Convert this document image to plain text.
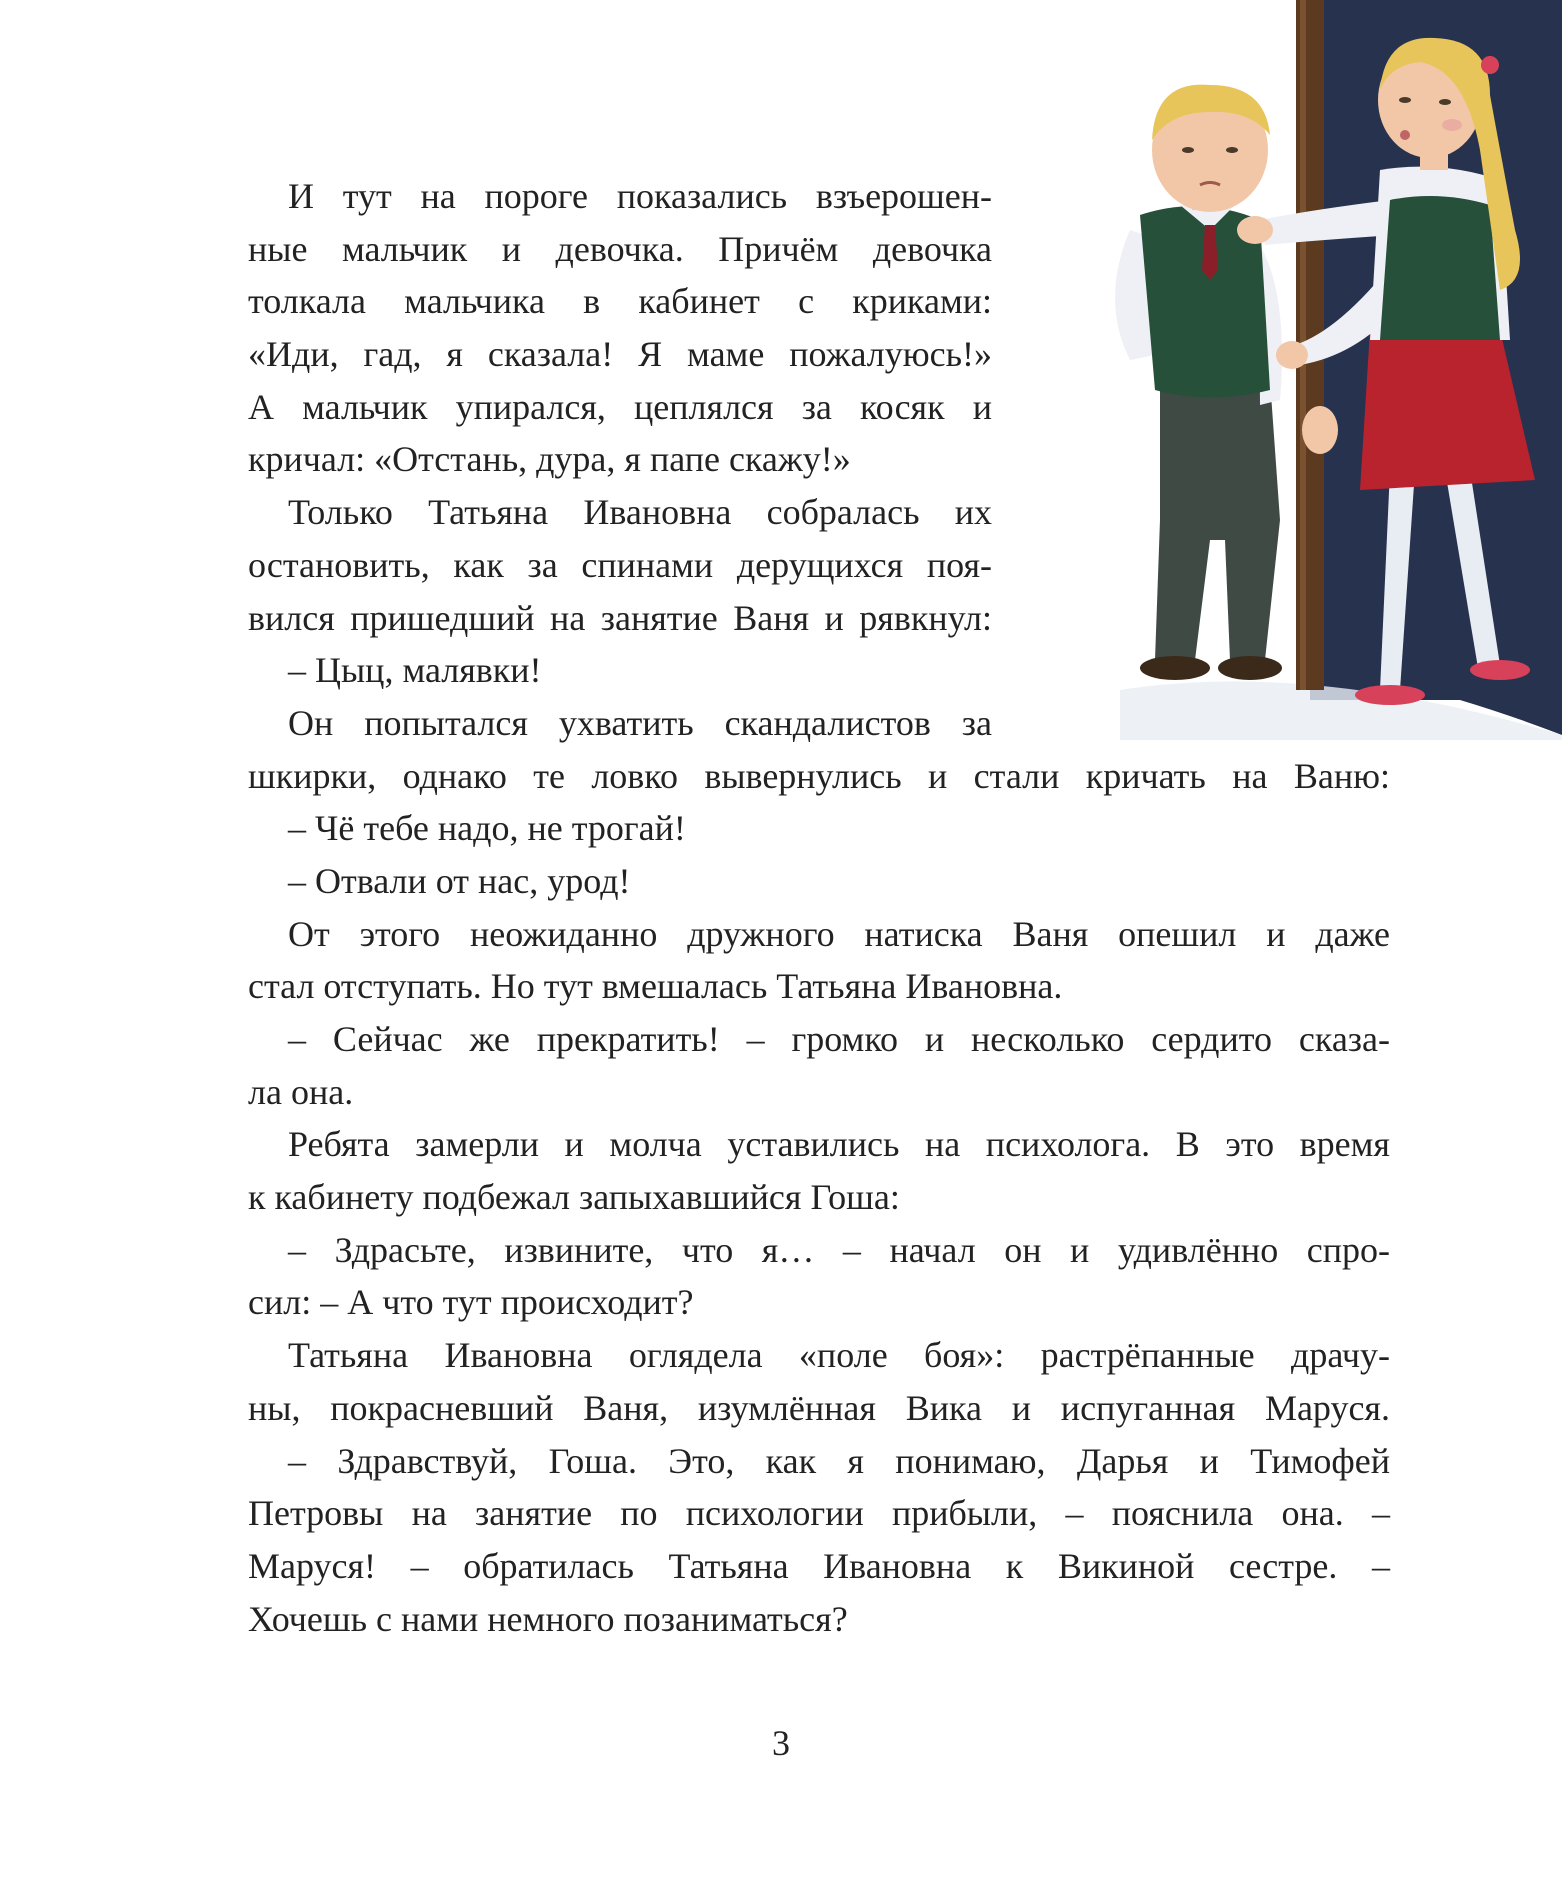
И тут на пороге показались взъерошен-
ные мальчик и девочка. Причём девочка
толкала мальчика в кабинет с криками:
«Иди, гад, я сказала! Я маме пожалуюсь!»
А мальчик упирался, цеплялся за косяк и
кричал: «Отстань, дура, я папе скажу!»
Только Татьяна Ивановна собралась их
остановить, как за спинами дерущихся поя-
вился пришедший на занятие Ваня и рявкнул:
– Цыц, малявки!
Он попытался ухватить скандалистов за
шкирки, однако те ловко вывернулись и стали кричать на Ваню:
– Чё тебе надо, не трогай!
– Отвали от нас, урод!
От этого неожиданно дружного натиска Ваня опешил и даже
стал отступать. Но тут вмешалась Татьяна Ивановна.
– Сейчас же прекратить! – громко и несколько сердито сказа-
ла она.
Ребята замерли и молча уставились на психолога. В это время
к кабинету подбежал запыхавшийся Гоша:
– Здрасьте, извините, что я… – начал он и удивлённо спро-
сил: – А что тут происходит?
Татьяна Ивановна оглядела «поле боя»: растрёпанные драчу-
ны, покрасневший Ваня, изумлённая Вика и испуганная Маруся.
– Здравствуй, Гоша. Это, как я понимаю, Дарья и Тимофей
Петровы на занятие по психологии прибыли, – пояснила она. –
Маруся! – обратилась Татьяна Ивановна к Викиной сестре. –
Хочешь с нами немного позаниматься?
3
